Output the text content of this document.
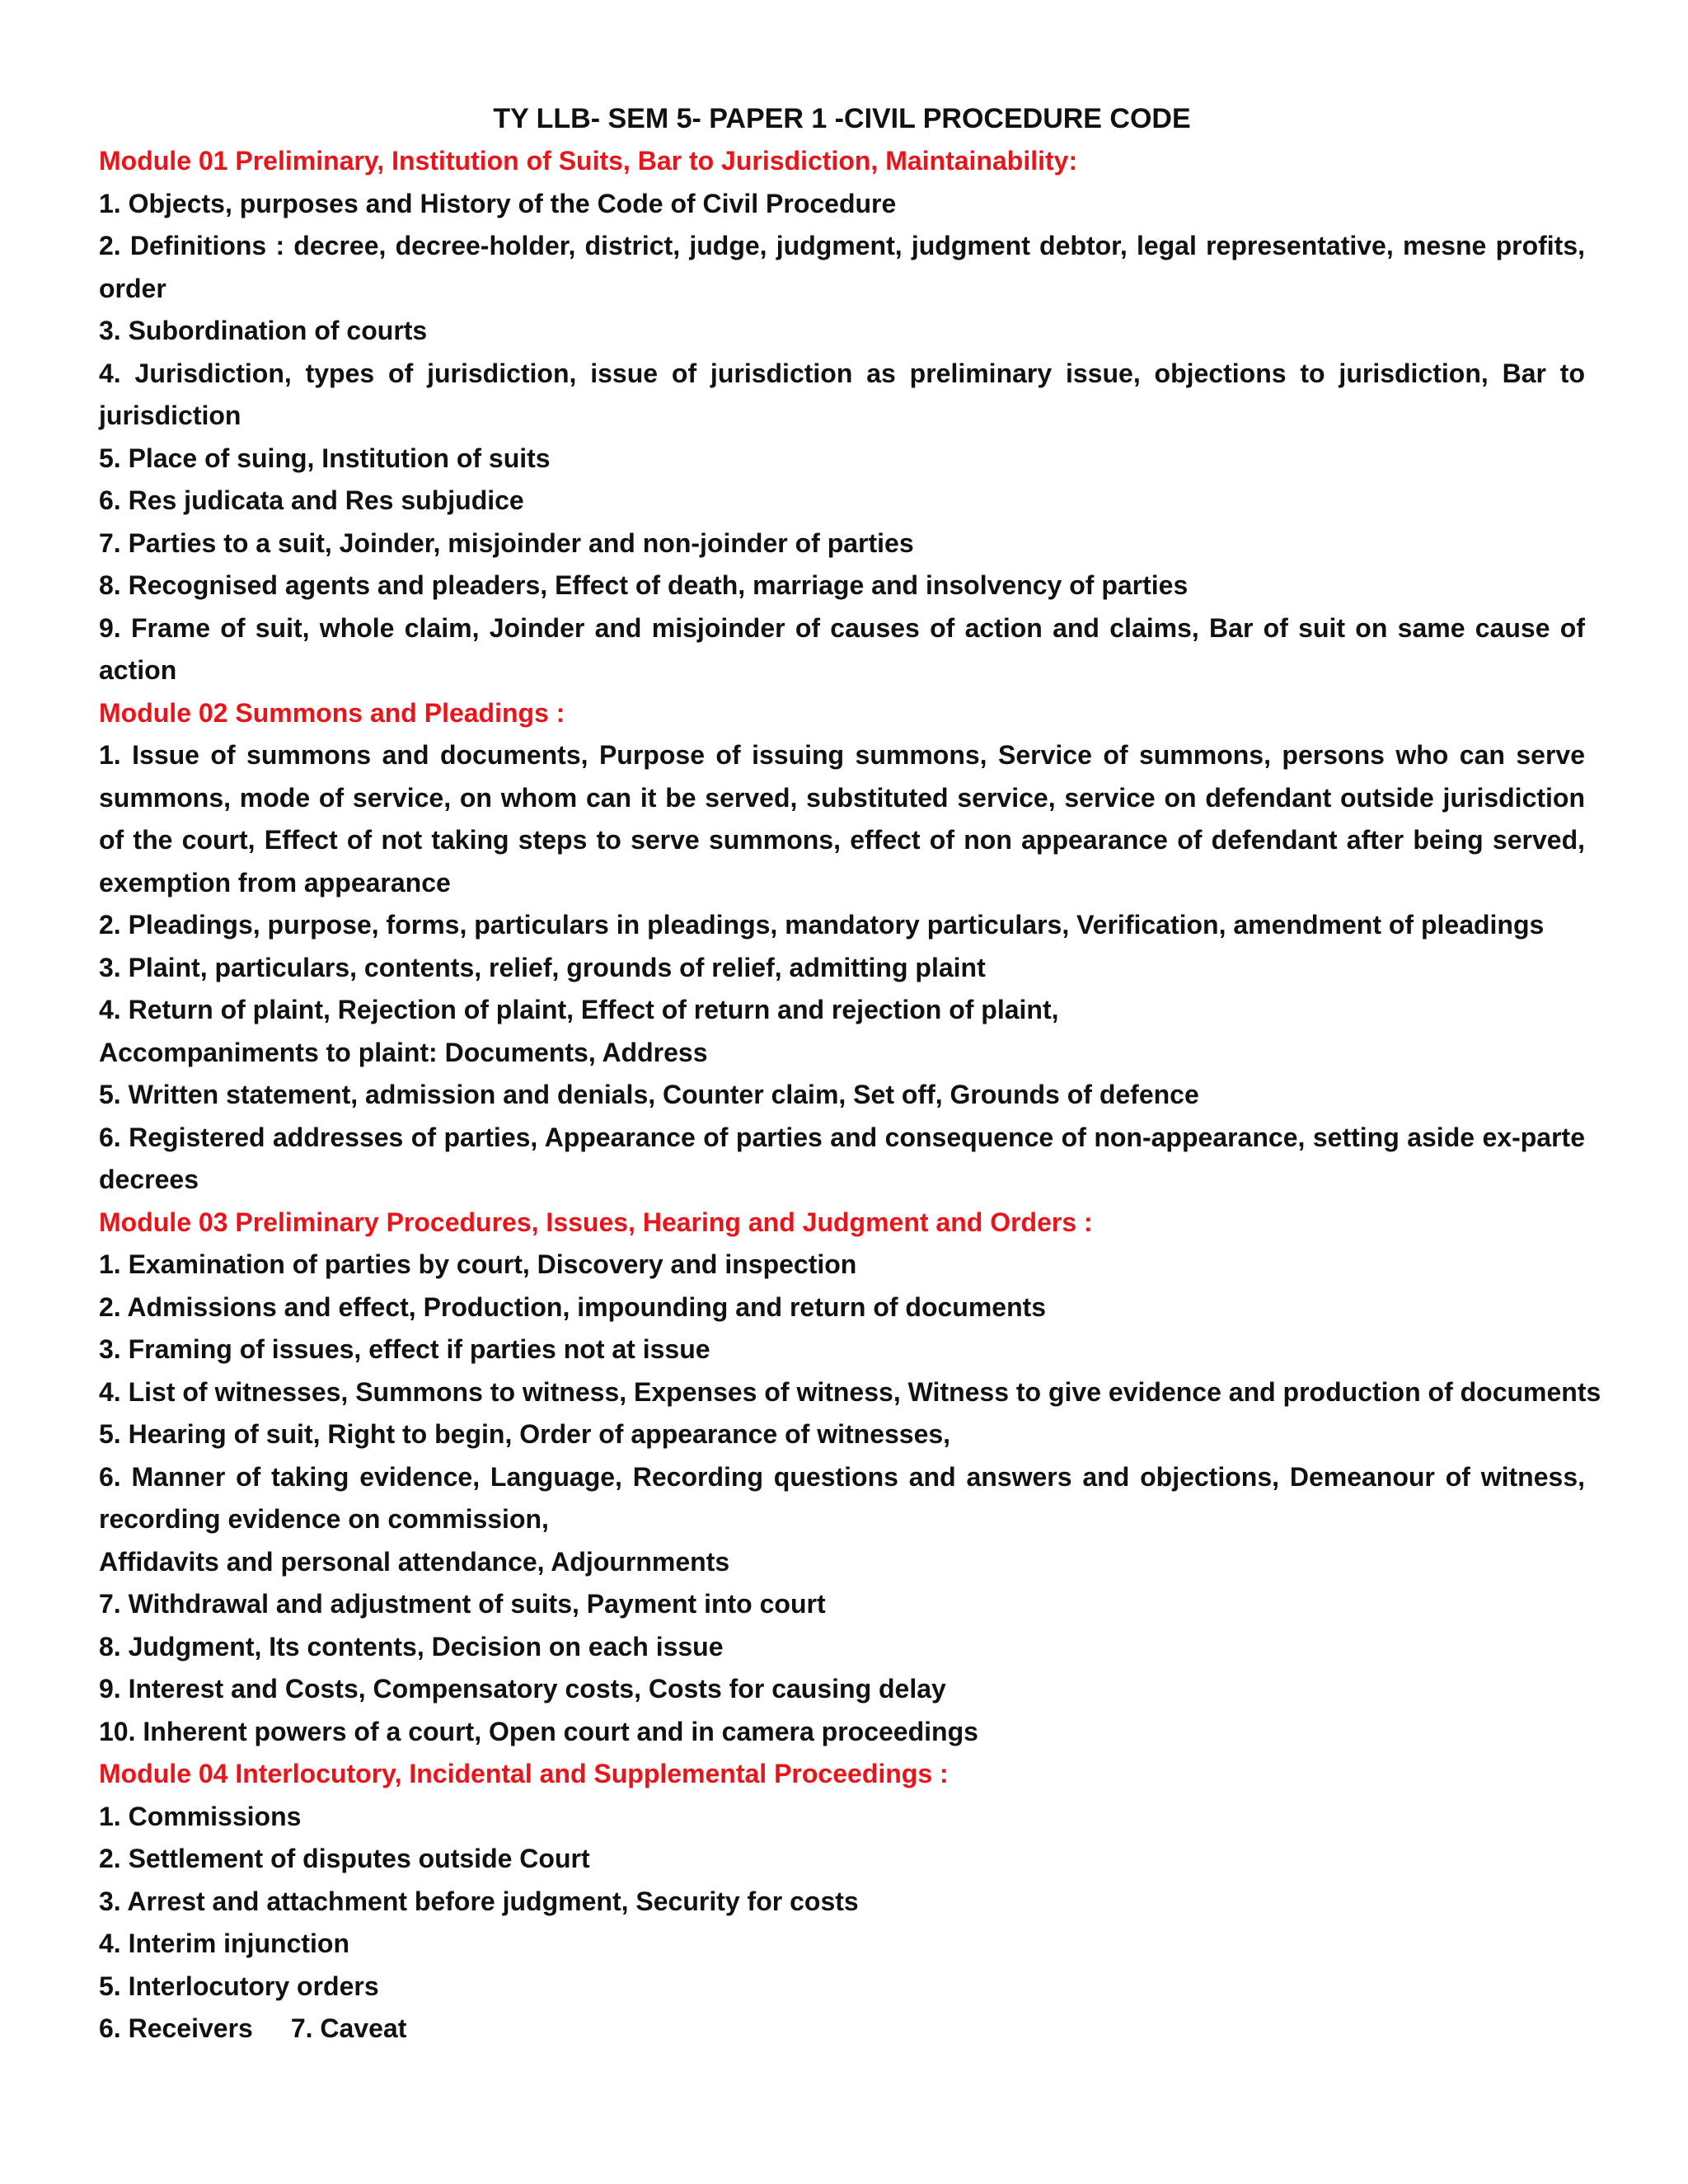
TY LLB- SEM 5- PAPER 1 -CIVIL PROCEDURE CODE

Module 01 Preliminary, Institution of Suits, Bar to Jurisdiction, Maintainability:

1. Objects, purposes and History of the Code of Civil Procedure

2. Definitions : decree, decree-holder, district, judge, judgment, judgment debtor, legal representative, mesne profits, order

3. Subordination of courts

4. Jurisdiction, types of jurisdiction, issue of jurisdiction as preliminary issue, objections to jurisdiction, Bar to jurisdiction

5. Place of suing, Institution of suits

6. Res judicata and Res subjudice

7. Parties to a suit, Joinder, misjoinder and non-joinder of parties

8. Recognised agents and pleaders, Effect of death, marriage and insolvency of parties

9. Frame of suit, whole claim, Joinder and misjoinder of causes of action and claims, Bar of suit on same cause of action

Module 02 Summons and Pleadings :

1. Issue of summons and documents, Purpose of issuing summons, Service of summons, persons who can serve summons, mode of service, on whom can it be served, substituted service, service on defendant outside jurisdiction of the court, Effect of not taking steps to serve summons, effect of non appearance of defendant after being served, exemption from appearance

2. Pleadings, purpose, forms, particulars in pleadings, mandatory particulars, Verification, amendment of pleadings

3. Plaint, particulars, contents, relief, grounds of relief, admitting plaint

4. Return of plaint, Rejection of plaint, Effect of return and rejection of plaint,

Accompaniments to plaint: Documents, Address

5. Written statement, admission and denials, Counter claim, Set off, Grounds of defence

6. Registered addresses of parties, Appearance of parties and consequence of non-appearance, setting aside ex-parte decrees

Module 03 Preliminary Procedures, Issues, Hearing and Judgment and Orders :

1. Examination of parties by court, Discovery and inspection

2. Admissions and effect, Production, impounding and return of documents

3. Framing of issues, effect if parties not at issue

4. List of witnesses, Summons to witness, Expenses of witness, Witness to give evidence and production of documents

5. Hearing of suit, Right to begin, Order of appearance of witnesses,

6. Manner of taking evidence, Language, Recording questions and answers and objections, Demeanour of witness, recording evidence on commission,

Affidavits and personal attendance, Adjournments

7. Withdrawal and adjustment of suits, Payment into court

8. Judgment, Its contents, Decision on each issue

9. Interest and Costs, Compensatory costs, Costs for causing delay

10. Inherent powers of a court, Open court and in camera proceedings

Module 04 Interlocutory, Incidental and Supplemental Proceedings :

1. Commissions

2. Settlement of disputes outside Court

3. Arrest and attachment before judgment, Security for costs

4. Interim injunction

5. Interlocutory orders

6. Receivers 7. Caveat
